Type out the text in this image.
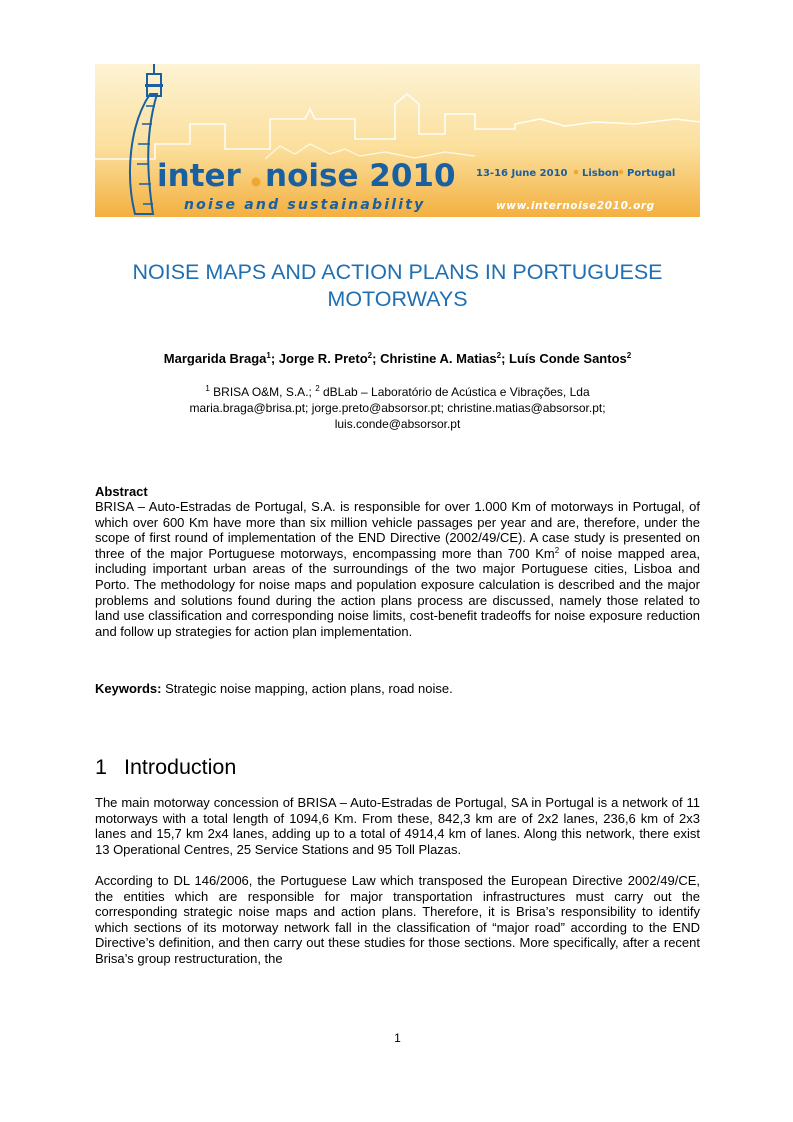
inter noise 2010
noise and sustainability
13-16 June 2010 Lisbon Portugal
www.internoise2010.org
NOISE MAPS AND ACTION PLANS IN PORTUGUESE
MOTORWAYS
Margarida Braga$^1$; Jorge R. Preto$^2$; Christine A. Matias$^2$; Luís Conde Santos$^2$
$^1$ BRISA O&M, S.A.; $^2$ dBLab – Laboratório de Acústica e Vibrações, Lda
maria.braga@brisa.pt; jorge.preto@absorsor.pt; christine.matias@absorsor.pt;
luis.conde@absorsor.pt
Abstract
BRISA – Auto-Estradas de Portugal, S.A. is responsible for over 1.000 Km of motorways in Portugal, of which over 600 Km have more than six million vehicle passages per year and are, therefore, under the scope of first round of implementation of the END Directive (2002/49/CE). A case study is presented on three of the major Portuguese motorways, encompassing more than 700 Km$^2$ of noise mapped area, including important urban areas of the surroundings of the two major Portuguese cities, Lisboa and Porto. The methodology for noise maps and population exposure calculation is described and the major problems and solutions found during the action plans process are discussed, namely those related to land use classification and corresponding noise limits, cost-benefit tradeoffs for noise exposure reduction and follow up strategies for action plan implementation.
Keywords: Strategic noise mapping, action plans, road noise.
1 Introduction
The main motorway concession of BRISA – Auto-Estradas de Portugal, SA in Portugal is a network of 11 motorways with a total length of 1094,6 Km. From these, 842,3 km are of 2x2 lanes, 236,6 km of 2x3 lanes and 15,7 km 2x4 lanes, adding up to a total of 4914,4 km of lanes. Along this network, there exist 13 Operational Centres, 25 Service Stations and 95 Toll Plazas.
According to DL 146/2006, the Portuguese Law which transposed the European Directive 2002/49/CE, the entities which are responsible for major transportation infrastructures must carry out the corresponding strategic noise maps and action plans. Therefore, it is Brisa’s responsibility to identify which sections of its motorway network fall in the classification of “major road” according to the END Directive’s definition, and then carry out these studies for those sections. More specifically, after a recent Brisa’s group restructuration, the
1
